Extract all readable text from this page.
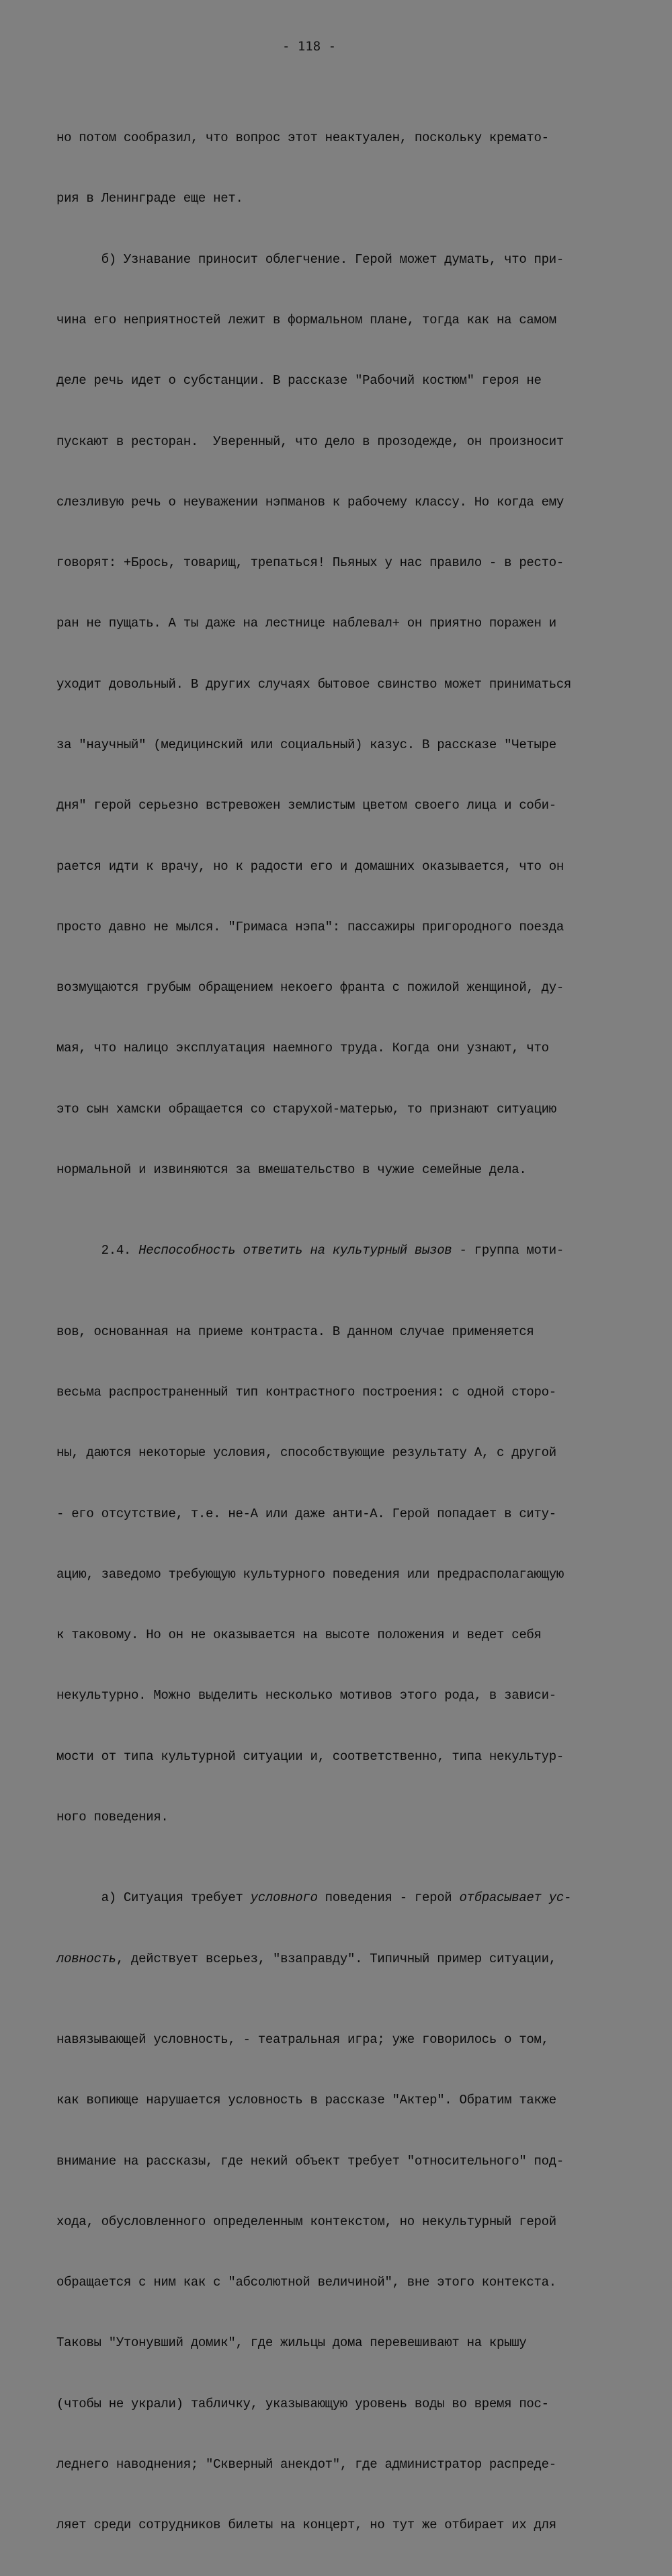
- 118 -

но потом сообразил, что вопрос этот неактуален, поскольку кремато-

рия в Ленинграде еще нет.

б) Узнавание приносит облегчение. Герой может думать, что при-

чина его неприятностей лежит в формальном плане, тогда как на самом

деле речь идет о субстанции. В рассказе "Рабочий костюм" героя не

пускают в ресторан.  Уверенный, что дело в прозодежде, он произносит

слезливую речь о неуважении нэпманов к рабочему классу. Но когда ему

говорят: +Брось, товарищ, трепаться! Пьяных у нас правило - в ресто-

ран не пущать. А ты даже на лестнице наблевал+ он приятно поражен и

уходит довольный. В других случаях бытовое свинство может приниматься

за "научный" (медицинский или социальный) казус. В рассказе "Четыре

дня" герой серьезно встревожен землистым цветом своего лица и соби-

рается идти к врачу, но к радости его и домашних оказывается, что он

просто давно не мылся. "Гримаса нэпа": пассажиры пригородного поезда

возмущаются грубым обращением некоего франта с пожилой женщиной, ду-

мая, что налицо эксплуатация наемного труда. Когда они узнают, что

это сын хамски обращается со старухой-матерью, то признают ситуацию

нормальной и извиняются за вмешательство в чужие семейные дела.

2.4. Неспособность ответить на культурный вызов - группа моти-

вов, основанная на приеме контраста. В данном случае применяется

весьма распространенный тип контрастного построения: с одной сторо-

ны, даются некоторые условия, способствующие результату А, с другой

- его отсутствие, т.е. не-А или даже анти-А. Герой попадает в ситу-

ацию, заведомо требующую культурного поведения или предрасполагающую

к таковому. Но он не оказывается на высоте положения и ведет себя

некультурно. Можно выделить несколько мотивов этого рода, в зависи-

мости от типа культурной ситуации и, соответственно, типа некультур-

ного поведения.

а) Ситуация требует условного поведения - герой отбрасывает ус-

ловность, действует всерьез, "взаправду". Типичный пример ситуации,

навязывающей условность, - театральная игра; уже говорилось о том,

как вопиюще нарушается условность в рассказе "Актер". Обратим также

внимание на рассказы, где некий объект требует "относительного" под-

хода, обусловленного определенным контекстом, но некультурный герой

обращается с ним как с "абсолютной величиной", вне этого контекста.

Таковы "Утонувший домик", где жильцы дома перевешивают на крышу

(чтобы не украли) табличку, указывающую уровень воды во время пос-

леднего наводнения; "Скверный анекдот", где администратор распреде-

ляет среди сотрудников билеты на концерт, но тут же отбирает их для
